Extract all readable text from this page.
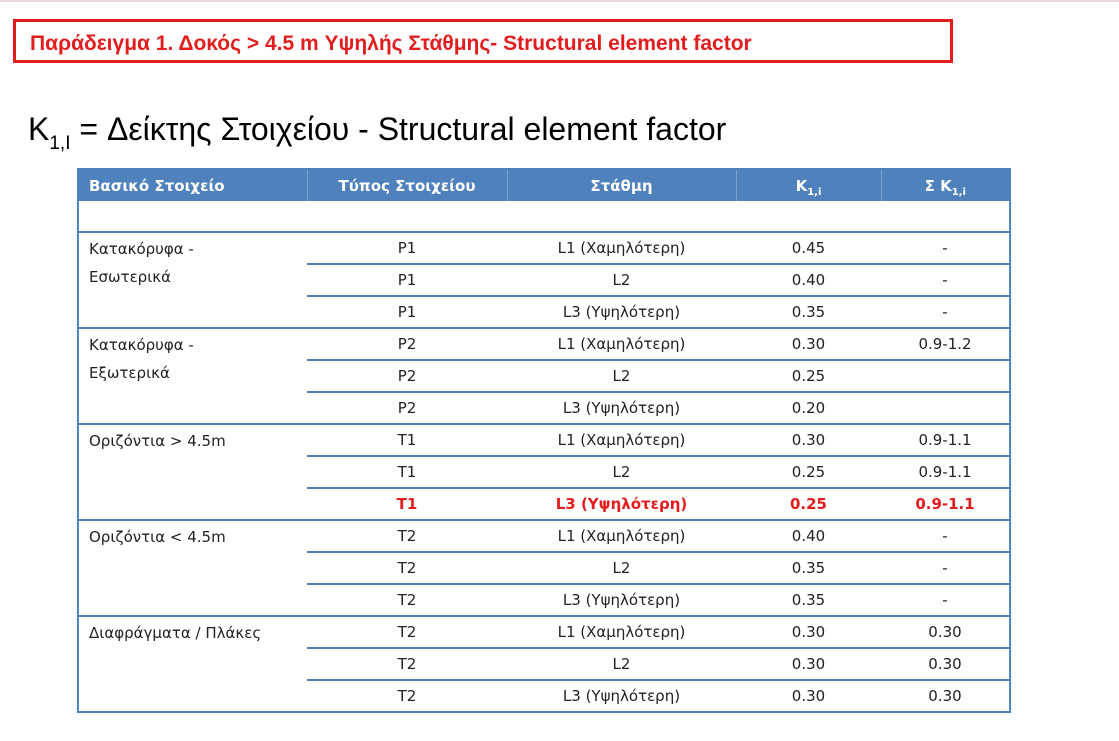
Παράδειγμα 1. Δοκός > 4.5 m Υψηλής Στάθμης- Structural element factor
$K_{1,I} = \Delta\varepsilon ί\kappa\tau\eta\varsigma$ Στοιχείου - Structural element factor
Βασικό Στοιχείο	Τύπος Στοιχείου	Στάθμη	$K_{1,i}$	Σ $K_{1,i}$

Κατακόρυφα -
Εσωτερικά	P1	L1 (Χαμηλότερη)	0.45	-
	P1	L2	0.40	-
	P1	L3 (Υψηλότερη)	0.35	-
Κατακόρυφα -
Εξωτερικά	P2	L1 (Χαμηλότερη)	0.30	0.9-1.2
	P2	L2	0.25	
	P2	L3 (Υψηλότερη)	0.20	
Οριζόντια > 4.5m	T1	L1 (Χαμηλότερη)	0.30	0.9-1.1
	T1	L2	0.25	0.9-1.1
	T1	L3 (Υψηλότερη)	0.25	0.9-1.1
Οριζόντια < 4.5m	T2	L1 (Χαμηλότερη)	0.40	-
	T2	L2	0.35	-
	T2	L3 (Υψηλότερη)	0.35	-
Διαφράγματα / Πλάκες	T2	L1 (Χαμηλότερη)	0.30	0.30
	T2	L2	0.30	0.30
	T2	L3 (Υψηλότερη)	0.30	0.30
